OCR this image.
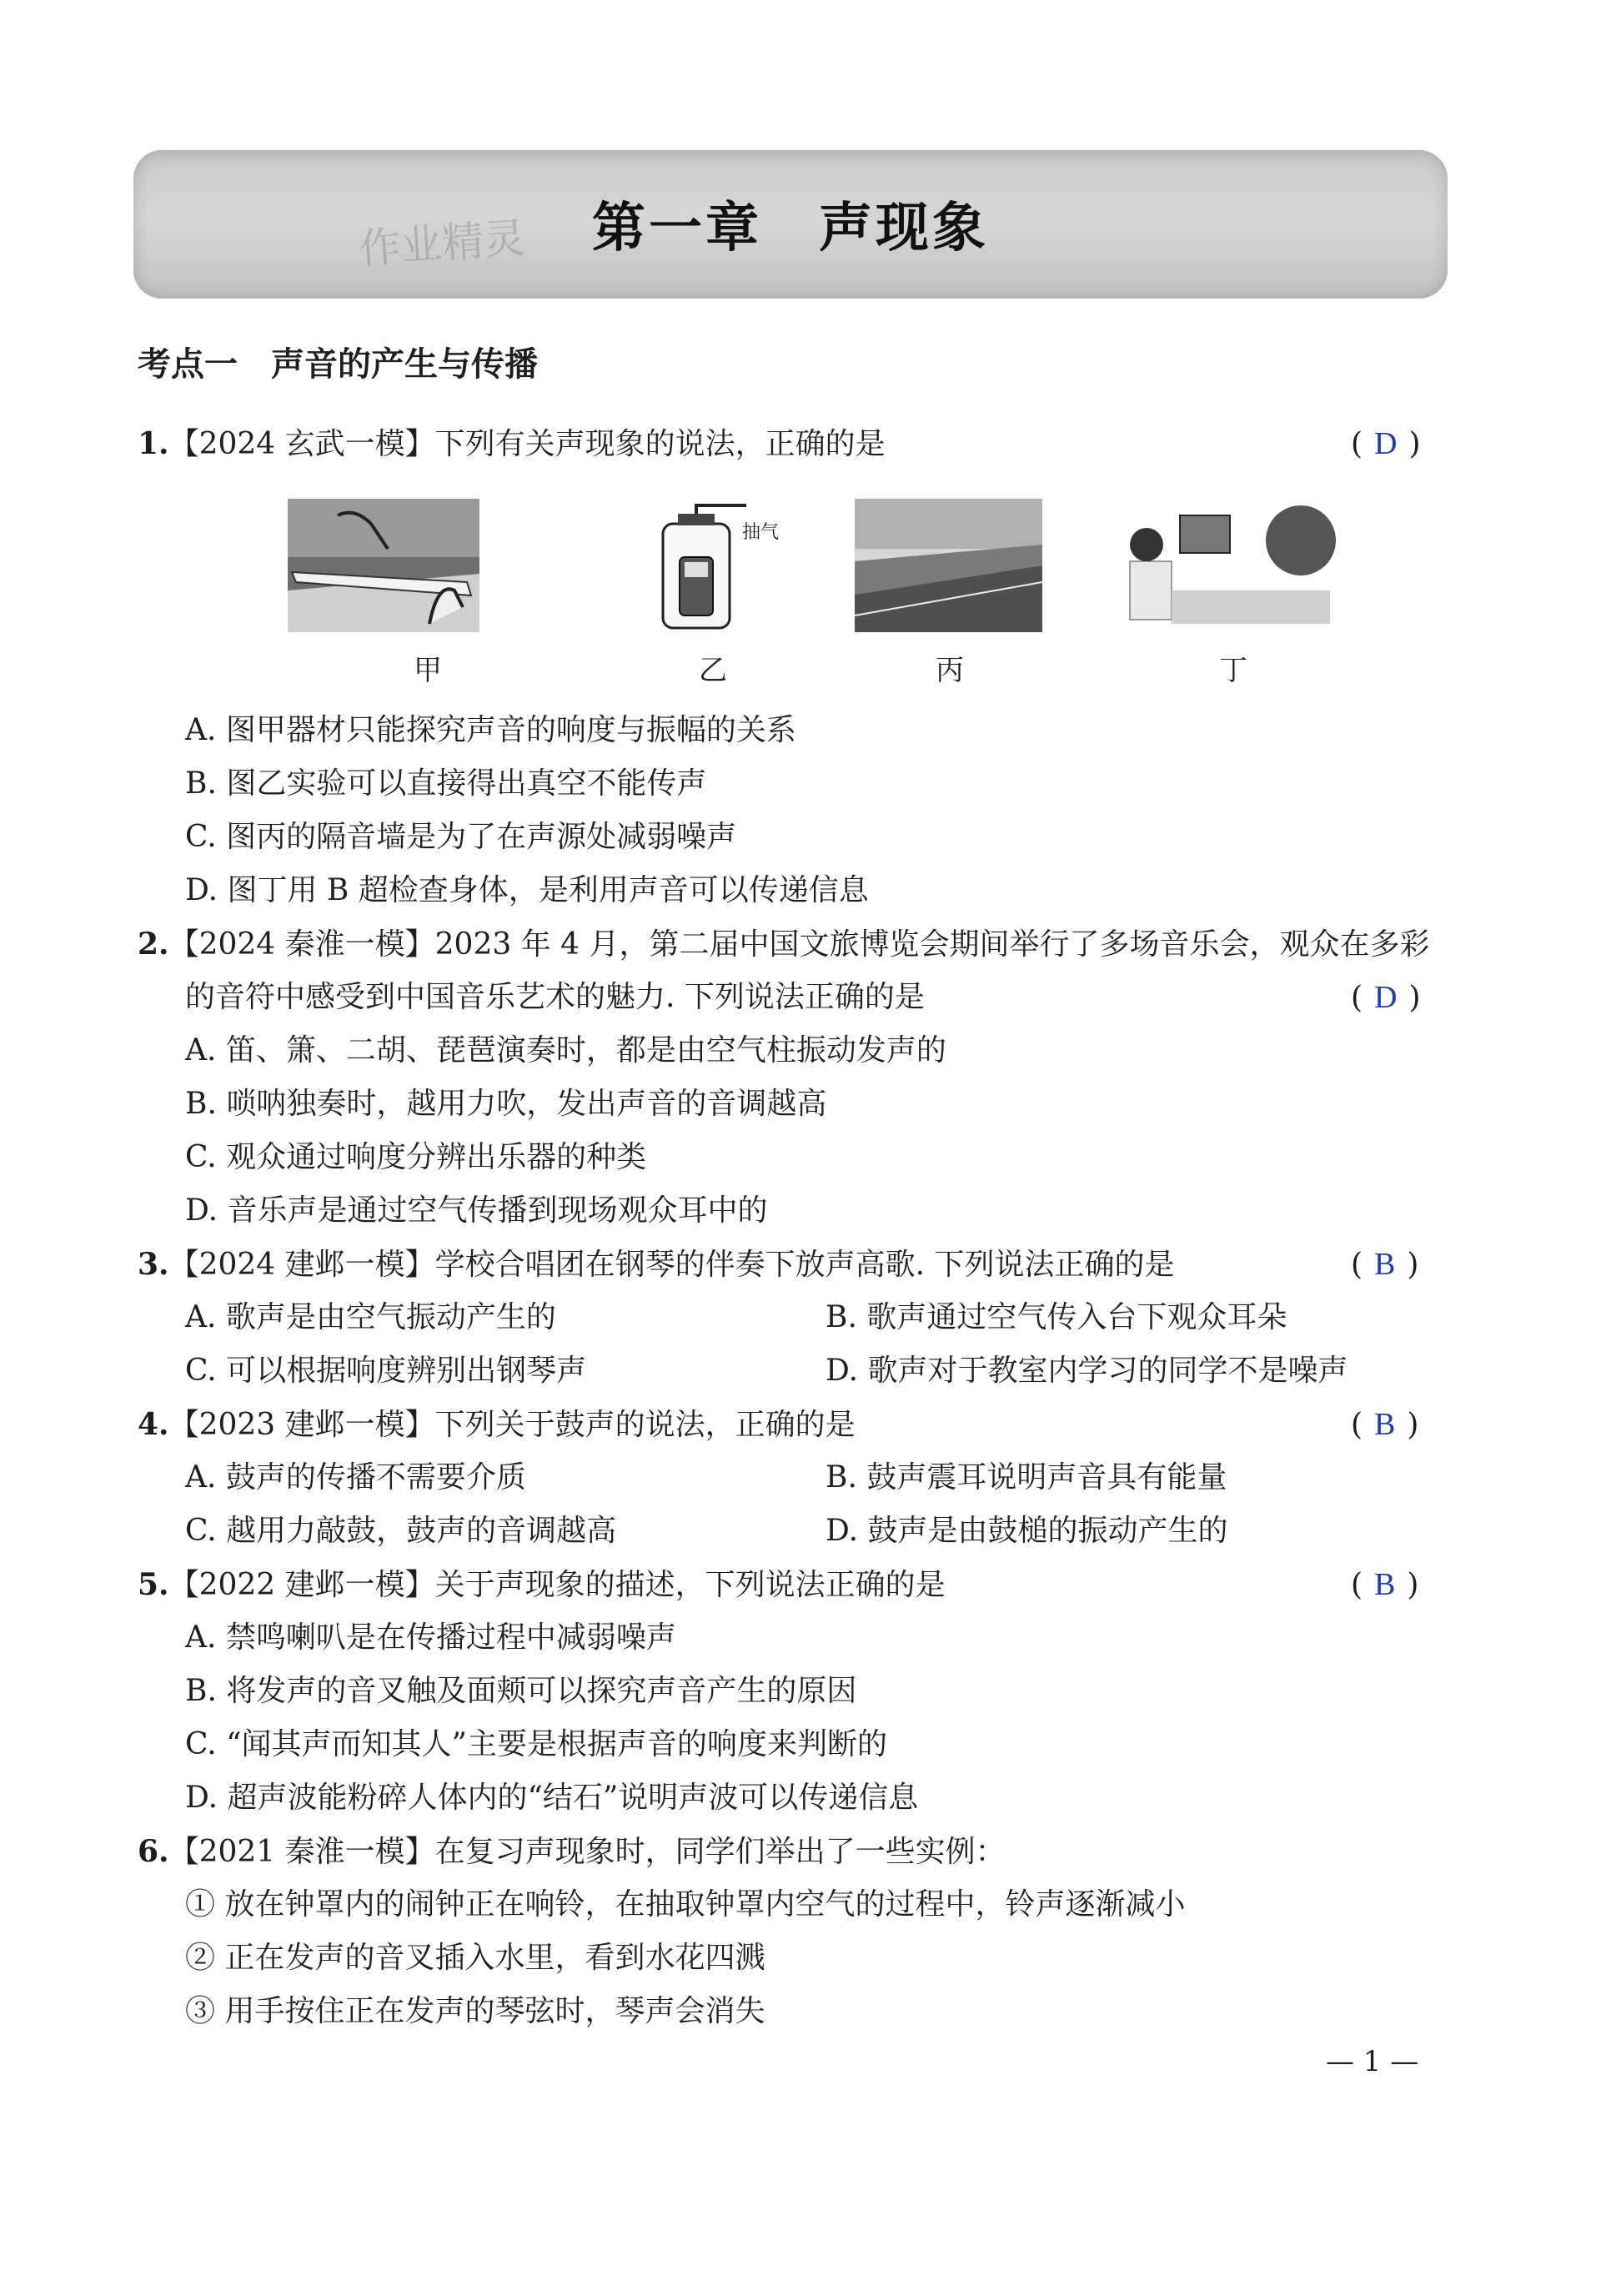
第一章　声现象
作业精灵
考点一　声音的产生与传播
1.【2024 玄武一模】下列有关声现象的说法，正确的是	( D )
抽气
甲	乙	丙	丁
A. 图甲器材只能探究声音的响度与振幅的关系
B. 图乙实验可以直接得出真空不能传声
C. 图丙的隔音墙是为了在声源处减弱噪声
D. 图丁用 B 超检查身体，是利用声音可以传递信息
2.【2024 秦淮一模】2023 年 4 月，第二届中国文旅博览会期间举行了多场音乐会，观众在多彩
的音符中感受到中国音乐艺术的魅力. 下列说法正确的是	( D )
A. 笛、箫、二胡、琵琶演奏时，都是由空气柱振动发声的
B. 唢呐独奏时，越用力吹，发出声音的音调越高
C. 观众通过响度分辨出乐器的种类
D. 音乐声是通过空气传播到现场观众耳中的
3.【2024 建邺一模】学校合唱团在钢琴的伴奏下放声高歌. 下列说法正确的是	( B )
A. 歌声是由空气振动产生的	B. 歌声通过空气传入台下观众耳朵
C. 可以根据响度辨别出钢琴声	D. 歌声对于教室内学习的同学不是噪声
4.【2023 建邺一模】下列关于鼓声的说法，正确的是	( B )
A. 鼓声的传播不需要介质	B. 鼓声震耳说明声音具有能量
C. 越用力敲鼓，鼓声的音调越高	D. 鼓声是由鼓槌的振动产生的
5.【2022 建邺一模】关于声现象的描述，下列说法正确的是	( B )
A. 禁鸣喇叭是在传播过程中减弱噪声
B. 将发声的音叉触及面颊可以探究声音产生的原因
C. “闻其声而知其人”主要是根据声音的响度来判断的
D. 超声波能粉碎人体内的“结石”说明声波可以传递信息
6.【2021 秦淮一模】在复习声现象时，同学们举出了一些实例：
① 放在钟罩内的闹钟正在响铃，在抽取钟罩内空气的过程中，铃声逐渐减小
② 正在发声的音叉插入水里，看到水花四溅
③ 用手按住正在发声的琴弦时，琴声会消失
— 1 —
